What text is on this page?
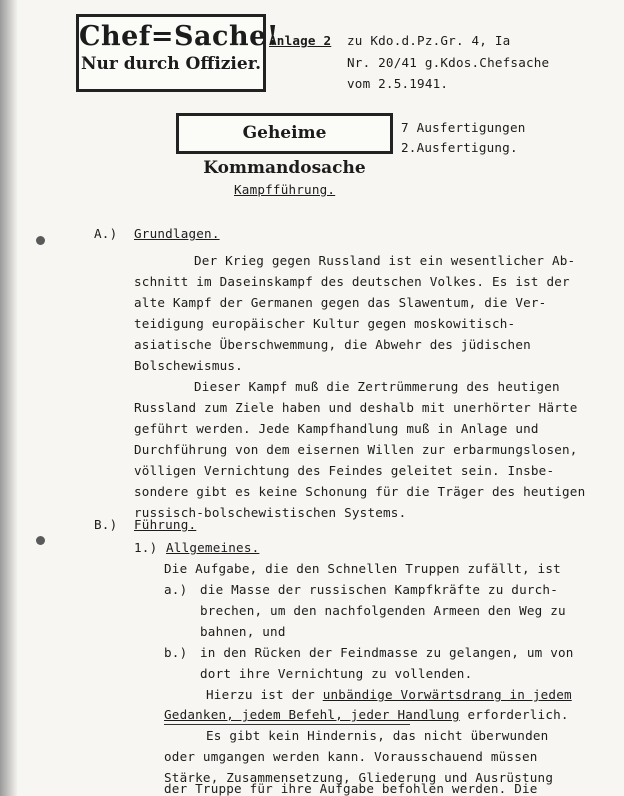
Chef=Sache!
Nur durch Offizier.
Anlage 2 zu Kdo.d.Pz.Gr. 4, Ia
Nr. 20/41 g.Kdos.Chefsache
vom 2.5.1941.
Geheime Kommandosache
7 Ausfertigungen
2.Ausfertigung.
Kampfführung.
A.) Grundlagen.
Der Krieg gegen Russland ist ein wesentlicher Ab-
schnitt im Daseinskampf des deutschen Volkes. Es ist der
alte Kampf der Germanen gegen das Slawentum, die Ver-
teidigung europäischer Kultur gegen moskowitisch-
asiatische Überschwemmung, die Abwehr des jüdischen
Bolschewismus.
Dieser Kampf muß die Zertrümmerung des heutigen
Russland zum Ziele haben und deshalb mit unerhörter Härte
geführt werden. Jede Kampfhandlung muß in Anlage und
Durchführung von dem eisernen Willen zur erbarmungslosen,
völligen Vernichtung des Feindes geleitet sein. Insbe-
sondere gibt es keine Schonung für die Träger des heutigen
russisch-bolschewistischen Systems.
B.) Führung.
1.) Allgemeines.
Die Aufgabe, die den Schnellen Truppen zufällt, ist
a.) die Masse der russischen Kampfkräfte zu durch-
brechen, um den nachfolgenden Armeen den Weg zu
bahnen, und
b.) in den Rücken der Feindmasse zu gelangen, um von
dort ihre Vernichtung zu vollenden.
Hierzu ist der unbändige Vorwärtsdrang in jedem
Gedanken, jedem Befehl, jeder Handlung erforderlich.
Es gibt kein Hindernis, das nicht überwunden
oder umgangen werden kann. Vorausschauend müssen
Stärke, Zusammensetzung, Gliederung und Ausrüstung
der Truppe für ihre Aufgabe befohlen werden. Die
